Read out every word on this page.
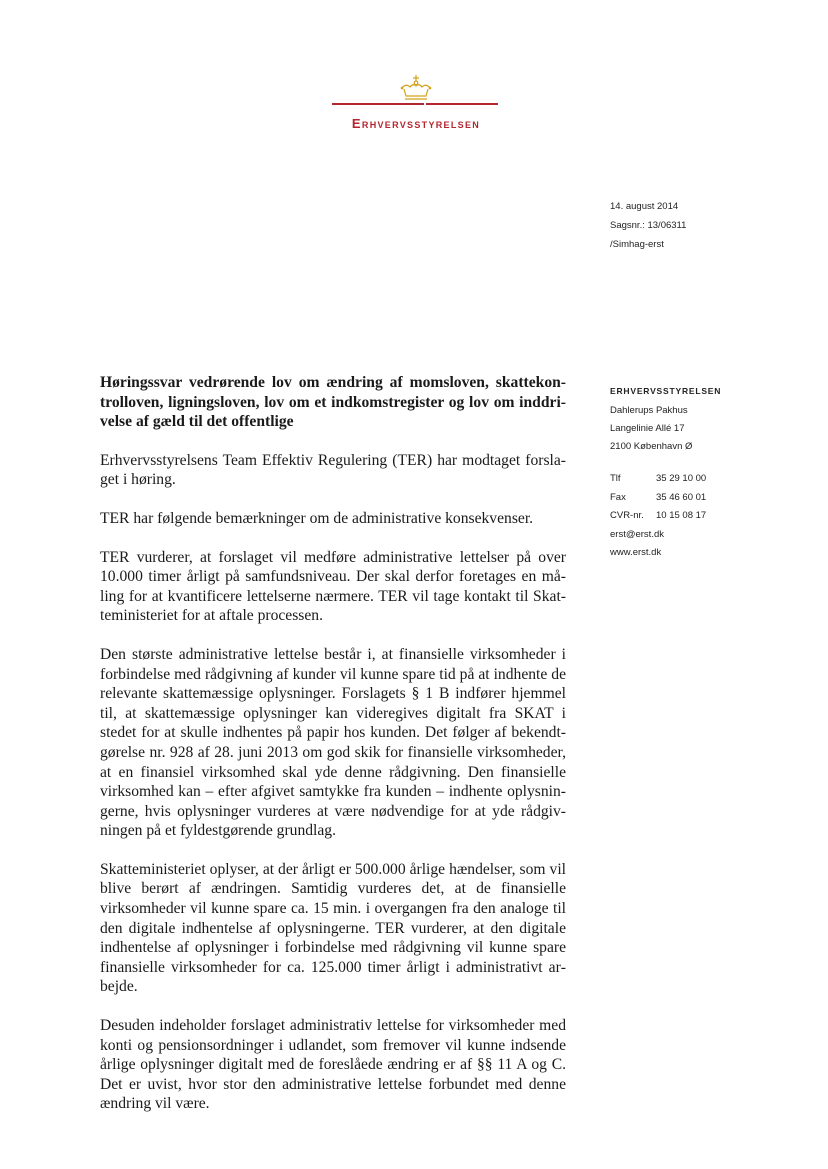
Erhvervsstyrelsen
14. august 2014
Sagsnr.: 13/06311
/Simhag-erst
ERHVERVSSTYRELSEN
Dahlerups Pakhus
Langelinie Allé 17
2100 København Ø
Tlf	35 29 10 00
Fax	35 46 60 01
CVR-nr. 10 15 08 17
erst@erst.dk
www.erst.dk
Høringssvar vedrørende lov om ændring af momsloven, skattekontrolloven, ligningsloven, lov om et indkomstregister og lov om inddrivelse af gæld til det offentlige

Erhvervsstyrelsens Team Effektiv Regulering (TER) har modtaget forslaget i høring.

TER har følgende bemærkninger om de administrative konsekvenser.

TER vurderer, at forslaget vil medføre administrative lettelser på over 10.000 timer årligt på samfundsniveau. Der skal derfor foretages en måling for at kvantificere lettelserne nærmere. TER vil tage kontakt til Skatteministeriet for at aftale processen.

Den største administrative lettelse består i, at finansielle virksomheder i forbindelse med rådgivning af kunder vil kunne spare tid på at indhente de relevante skattemæssige oplysninger. Forslagets § 1 B indfører hjemmel til, at skattemæssige oplysninger kan videregives digitalt fra SKAT i stedet for at skulle indhentes på papir hos kunden. Det følger af bekendtgørelse nr. 928 af 28. juni 2013 om god skik for finansielle virksomheder, at en finansiel virksomhed skal yde denne rådgivning. Den finansielle virksomhed kan – efter afgivet samtykke fra kunden – indhente oplysningerne, hvis oplysninger vurderes at være nødvendige for at yde rådgivningen på et fyldestgørende grundlag.

Skatteministeriet oplyser, at der årligt er 500.000 årlige hændelser, som vil blive berørt af ændringen. Samtidig vurderes det, at de finansielle virksomheder vil kunne spare ca. 15 min. i overgangen fra den analoge til den digitale indhentelse af oplysningerne. TER vurderer, at den digitale indhentelse af oplysninger i forbindelse med rådgivning vil kunne spare finansielle virksomheder for ca. 125.000 timer årligt i administrativt arbejde.

Desuden indeholder forslaget administrativ lettelse for virksomheder med konti og pensionsordninger i udlandet, som fremover vil kunne indsende årlige oplysninger digitalt med de foreslåede ændring er af §§ 11 A og C. Det er uvist, hvor stor den administrative lettelse forbundet med denne ændring vil være.
